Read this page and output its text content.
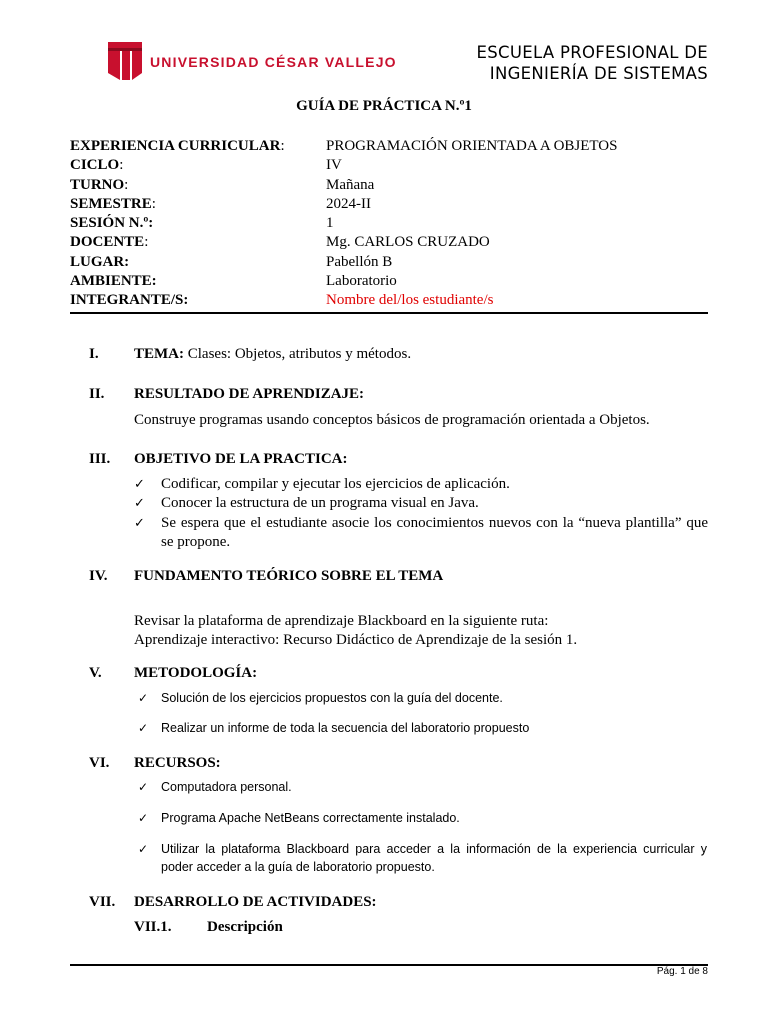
UNIVERSIDAD CÉSAR VALLEJO	ESCUELA PROFESIONAL DE
INGENIERÍA DE SISTEMAS
GUÍA DE PRÁCTICA N.º1
EXPERIENCIA CURRICULAR:	PROGRAMACIÓN ORIENTADA A OBJETOS
CICLO:	IV
TURNO:	Mañana
SEMESTRE:	2024-II
SESIÓN N.º:	1
DOCENTE:	Mg. CARLOS CRUZADO
LUGAR:	Pabellón B
AMBIENTE:	Laboratorio
INTEGRANTE/S:	Nombre del/los estudiante/s
I. TEMA: Clases: Objetos, atributos y métodos.
II. RESULTADO DE APRENDIZAJE:
Construye programas usando conceptos básicos de programación orientada a Objetos.
III. OBJETIVO DE LA PRACTICA:
✓ Codificar, compilar y ejecutar los ejercicios de aplicación.
✓ Conocer la estructura de un programa visual en Java.
✓ Se espera que el estudiante asocie los conocimientos nuevos con la “nueva plantilla” que se propone.
IV. FUNDAMENTO TEÓRICO SOBRE EL TEMA
Revisar la plataforma de aprendizaje Blackboard en la siguiente ruta:
Aprendizaje interactivo: Recurso Didáctico de Aprendizaje de la sesión 1.
V. METODOLOGÍA:
✓ Solución de los ejercicios propuestos con la guía del docente.
✓ Realizar un informe de toda la secuencia del laboratorio propuesto
VI. RECURSOS:
✓ Computadora personal.
✓ Programa Apache NetBeans correctamente instalado.
✓ Utilizar la plataforma Blackboard para acceder a la información de la experiencia curricular y poder acceder a la guía de laboratorio propuesto.
VII. DESARROLLO DE ACTIVIDADES:
VII.1. Descripción
Pág. 1 de 8
